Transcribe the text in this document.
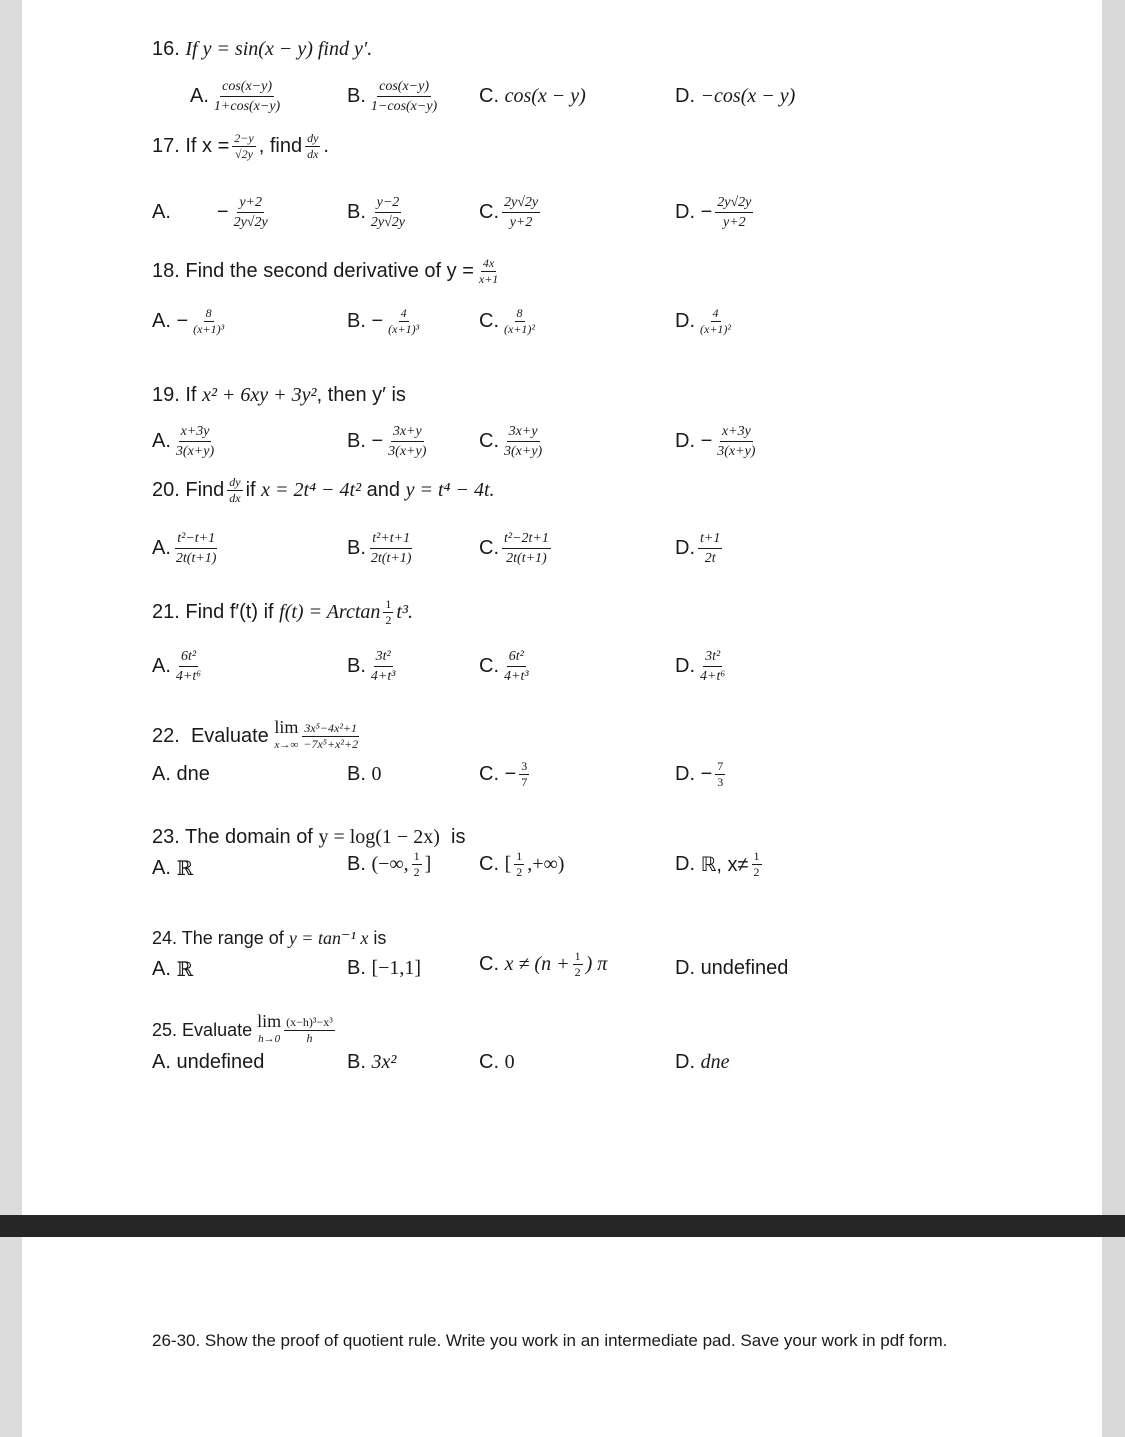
16. If y = sin(x − y) find y′.
A. $\frac{\cos(x-y)}{1+\cos(x-y)}$	B. $\frac{\cos(x-y)}{1-\cos(x-y)} C$.
cos(x − y)	D.
−cos(x − y)
17.
If $x = \frac{2-y}{√2y}$ , find $\frac{dy}{dx}$ .
A. − $\frac{y+2}{2y√2y}$	B. $\frac{y-2}{2y√2y}$	C. $\frac{2y√2y}{y+2}$	D.
− $\frac{2y√2y}{y+2}$
18.
Find the second derivative of $y = \frac{4x}{x+1}$
A.
− $\frac{8}{\text{(x+1)³}}$	B.
− $\frac{4}{\text{(x+1)³}}$	C. $\frac{8}{\text{(x+1)²}}$	D. $\frac{4}{\text{(x+1)²}}$
19. If x² + 6xy + 3y², then y′ is
A. $\frac{x+3y}{3(x+y)}$	B.
− $\frac{3x+y}{3(x+y)}$	C. $\frac{3x+y}{3(x+y)}$	D.
− $\frac{x+3y}{3(x+y)}$
20.
Find $\frac{dy}{dx}$ if
x = 2t⁴ − 4t²
and
y = t⁴ − 4t.
A. $\frac{\text{t²−t+1}}{2t(t+1)}$	B. $\frac{\text{t²+t+1}}{2t(t+1)}$	C. $\frac{\text{t²−2t+1}}{2t(t+1)}$	D. $\frac{t+1}{2t}$
21.
Find f′(t) if
f(t) = Arctan $\frac{1}{2} t^3$.
A. $\frac{\text{6t²}}{\text{4+t⁶}}$	B. $\frac{\text{3t²}}{\text{4+t³}}$	C. $\frac{\text{6t²}}{\text{4+t³}}$	D. $\frac{\text{3t²}}{\text{4+t⁶}}$
22.
Evaluate
lim
$x\to\infty \frac{\text{3x⁵−4x²+1}}{\text{−7x⁵+x²+2}}$
A.
dne	B.
0	C.
− $\frac{3}{7}$	D.
− $\frac{7}{3}$
23. The domain of y = log(1 − 2x) is
A.
ℝ	B.
(−∞, $\frac{1}{2}$ ] C.
[ $\frac{1}{2}$ ,+∞)	D.
ℝ, $x\ne \frac{1}{2}$
24. The range of y = tan⁻¹ x is
A.
ℝ	B.
[−1,1]	C.
$x \ne (n + \frac{1}{2}$ ) π	D.
undefined
25.
Evaluate
lim
$h\to 0 \frac{\text{(x−h)³−x³}}{h}$
A.
undefined	B.
3x²	C.
0	D.
dne
26-30. Show the proof of quotient rule. Write you work in an intermediate pad. Save your work in pdf form.
